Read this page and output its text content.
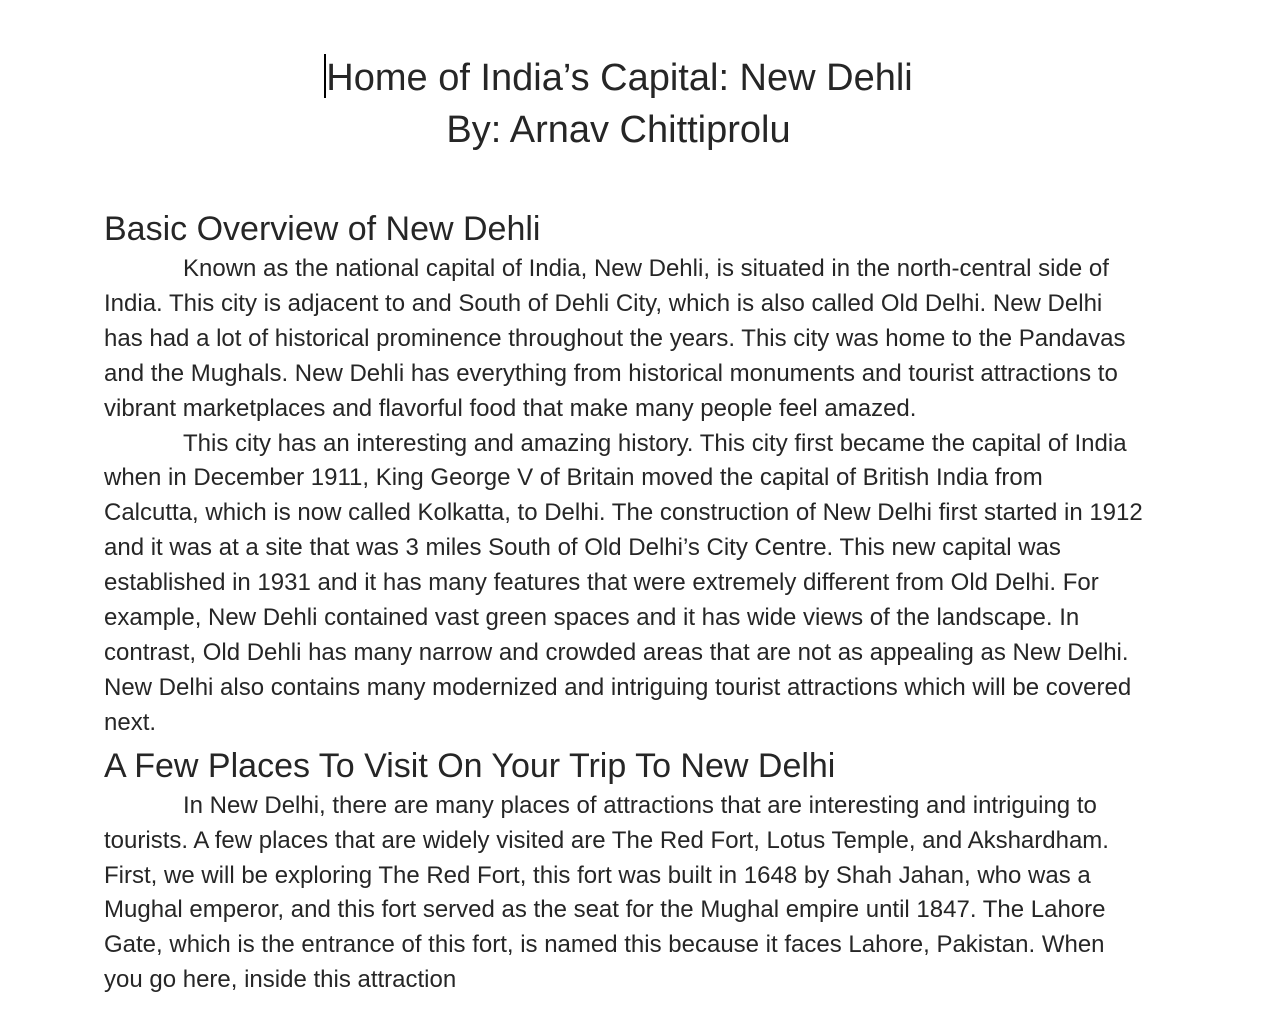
Home of India’s Capital: New Dehli
By: Arnav Chittiprolu
Basic Overview of New Dehli

Known as the national capital of India, New Dehli, is situated in the north-central side of India. This city is adjacent to and South of Dehli City, which is also called Old Delhi. New Delhi has had a lot of historical prominence throughout the years. This city was home to the Pandavas and the Mughals. New Dehli has everything from historical monuments and tourist attractions to vibrant marketplaces and flavorful food that make many people feel amazed.

This city has an interesting and amazing history. This city first became the capital of India when in December 1911, King George V of Britain moved the capital of British India from Calcutta, which is now called Kolkatta, to Delhi. The construction of New Delhi first started in 1912 and it was at a site that was 3 miles South of Old Delhi’s City Centre. This new capital was established in 1931 and it has many features that were extremely different from Old Delhi. For example, New Dehli contained vast green spaces and it has wide views of the landscape. In contrast, Old Dehli has many narrow and crowded areas that are not as appealing as New Delhi. New Delhi also contains many modernized and intriguing tourist attractions which will be covered next.

A Few Places To Visit On Your Trip To New Delhi

In New Delhi, there are many places of attractions that are interesting and intriguing to tourists. A few places that are widely visited are The Red Fort, Lotus Temple, and Akshardham. First, we will be exploring The Red Fort, this fort was built in 1648 by Shah Jahan, who was a Mughal emperor, and this fort served as the seat for the Mughal empire until 1847. The Lahore Gate, which is the entrance of this fort, is named this because it faces Lahore, Pakistan. When you go here, inside this attraction
